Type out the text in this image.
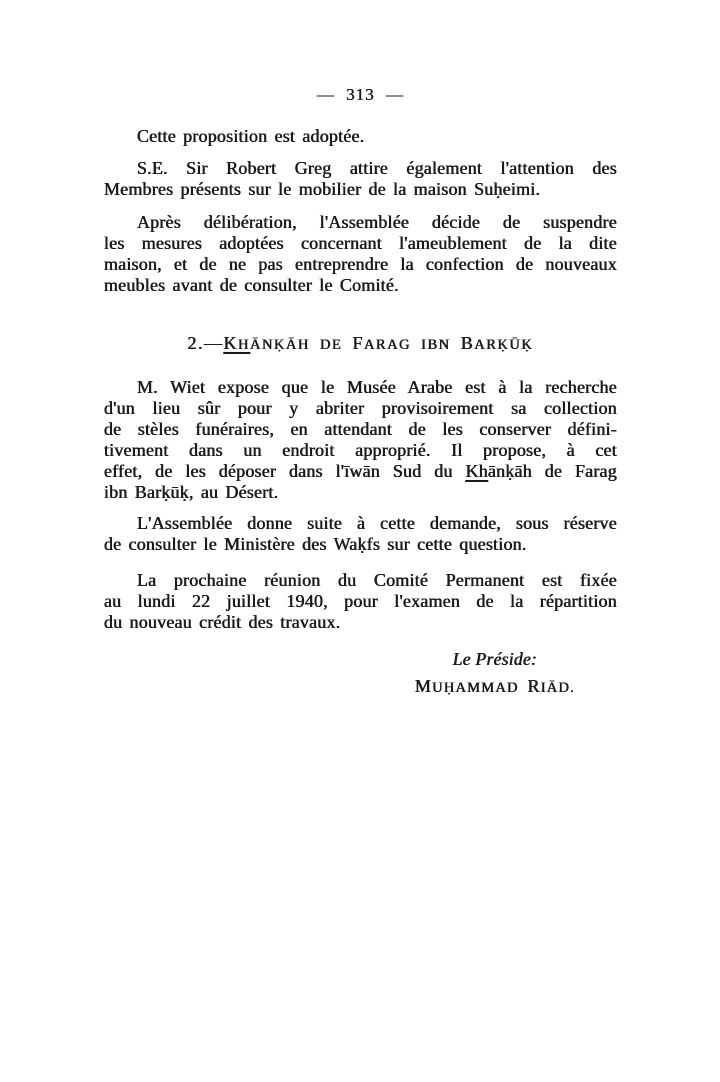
— 313 —
Cette proposition est adoptée.
S.E. Sir Robert Greg attire également l'attention des
Membres présents sur le mobilier de la maison Suḥeimi.
Après délibération, l'Assemblée décide de suspendre
les mesures adoptées concernant l'ameublement de la dite
maison, et de ne pas entreprendre la confection de nouveaux
meubles avant de consulter le Comité.
2.—KHĀNḲĀH DE FARAG IBN BARḲŪḲ
M. Wiet expose que le Musée Arabe est à la recherche
d'un lieu sûr pour y abriter provisoirement sa collection
de stèles funéraires, en attendant de les conserver défini-
tivement dans un endroit approprié. Il propose, à cet
effet, de les déposer dans l'īwān Sud du Khānḳāh de Farag
ibn Barḳūḳ, au Désert.
L'Assemblée donne suite à cette demande, sous réserve
de consulter le Ministère des Waḳfs sur cette question.
La prochaine réunion du Comité Permanent est fixée
au lundi 22 juillet 1940, pour l'examen de la répartition
du nouveau crédit des travaux.
Le Préside:
MUḤAMMAD RIĀD.
